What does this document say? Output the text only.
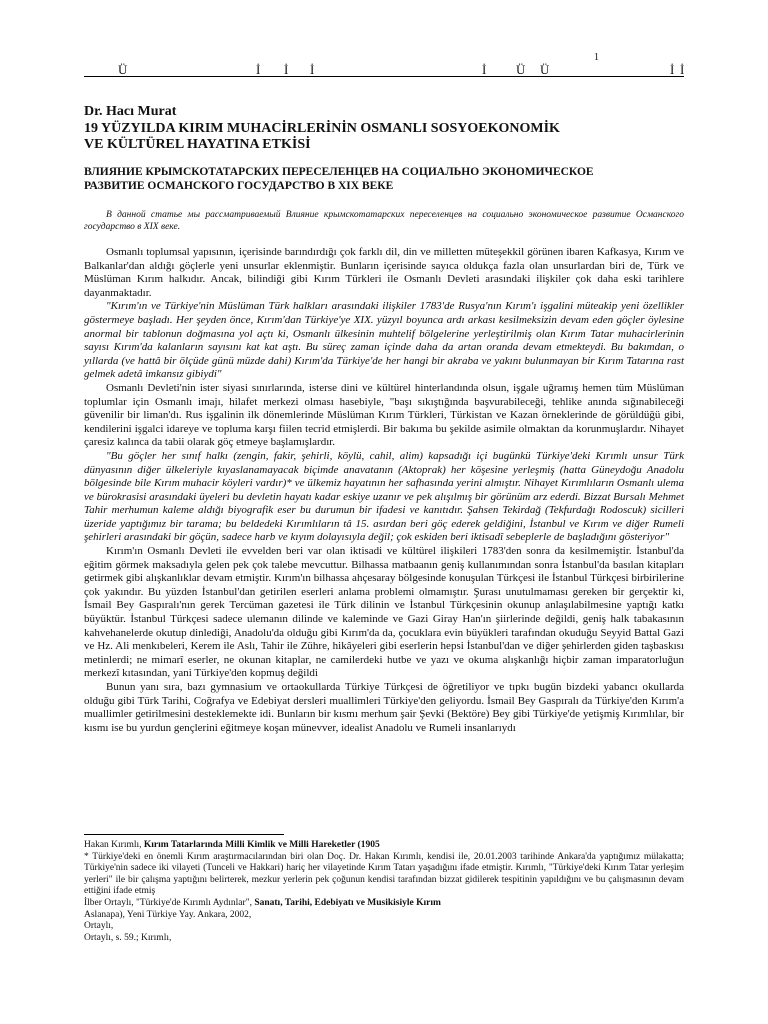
1
Ü	İ İ İ	İ Ü Ü	İ İ
Dr. Hacı Murat
19 YÜZYILDA KIRIM MUHACİRLERİNİN OSMANLI SOSYOEKONOMİK
VE KÜLTÜREL HAYATINA ETKİSİ
ВЛИЯНИЕ КРЫМСКОТАТАРСКИХ ПЕРЕСЕЛЕНЦЕВ НА СОЦИАЛЬНО ЭКОНОМИЧЕСКОЕ
РАЗВИТИЕ ОСМАНСКОГО ГОСУДАРСТВО В XIX ВЕКЕ
В данной статье мы рассматриваемый Влияние крымскотатарских переселенцев на социально экономическое развитие Османского государство в XIX веке.

Osmanlı toplumsal yapısının, içerisinde barındırdığı çok farklı dil, din ve milletten müteşekkil görünen ibaren Kafkasya, Kırım ve Balkanlar'dan aldığı göçlerle yeni unsurlar eklenmiştir. Bunların içerisinde sayıca oldukça fazla olan unsurlardan biri de, Türk ve Müslüman Kırım halkıdır. Ancak, bilindiği gibi Kırım Türkleri ile Osmanlı Devleti arasındaki ilişkiler çok daha eski tarihlere dayanmaktadır.

"Kırım'ın ve Türkiye'nin Müslüman Türk halkları arasındaki ilişkiler 1783'de Rusya'nın Kırım'ı işgalini müteakip yeni özellikler göstermeye başladı. Her şeyden önce, Kırım'dan Türkiye'ye XIX. yüzyıl boyunca ardı arkası kesilmeksizin devam eden göçler öylesine anormal bir tablonun doğmasına yol açtı ki, Osmanlı ülkesinin muhtelif bölgelerine yerleştirilmiş olan Kırım Tatar muhacirlerinin sayısı Kırım'da kalanların sayısını kat kat aştı. Bu süreç zaman içinde daha da artan oranda devam etmekteydi. Bu bakımdan, o yıllarda (ve hattâ bir ölçüde günü müzde dahi) Kırım'da Türkiye'de her hangi bir akraba ve yakını bulunmayan bir Kırım Tatarına rast gelmek adetâ imkansız gibiydi"

Osmanlı Devleti'nin ister siyasi sınırlarında, isterse dini ve kültürel hinterlandında olsun, işgale uğramış hemen tüm Müslüman toplumlar için Osmanlı imajı, hilafet merkezi olması hasebiyle, "başı sıkıştığında başvurabileceği, tehlike anında sığınabileceği güvenilir bir liman'dı. Rus işgalinin ilk dönemlerinde Müslüman Kırım Türkleri, Türkistan ve Kazan örneklerinde de görüldüğü gibi, kendilerini işgalci idareye ve topluma karşı fiilen tecrid etmişlerdi. Bir bakıma bu şekilde asimile olmaktan da korunmuşlardır. Nihayet çaresiz kalınca da tabii olarak göç etmeye başlamışlardır.

"Bu göçler her sınıf halkı (zengin, fakir, şehirli, köylü, cahil, alim) kapsadığı içi bugünkü Türkiye'deki Kırımlı unsur Türk dünyasının diğer ülkeleriyle kıyaslanamayacak biçimde anavatanın (Aktoprak) her köşesine yerleşmiş (hatta Güneydoğu Anadolu bölgesinde bile Kırım muhacir köyleri vardır)* ve ülkemiz hayatının her safhasında yerini almıştır. Nihayet Kırımlıların Osmanlı ulema ve bürokrasisi arasındaki üyeleri bu devletin hayatı kadar eskiye uzanır ve pek alışılmış bir görünüm arz ederdi. Bizzat Bursalı Mehmet Tahir merhumun kaleme aldığı biyografik eser bu durumun bir ifadesi ve kanıtıdır. Şahsen Tekirdağ (Tekfurdağı Rodoscuk) sicilleri üzeride yaptığımız bir tarama; bu beldedeki Kırımlıların tâ 15. asırdan beri göç ederek geldiğini, İstanbul ve Kırım ve diğer Rumeli şehirleri arasındaki bir göçün, sadece harb ve kıyım dolayısıyla değil; çok eskiden beri iktisadî sebeplerle de başladığını gösteriyor"

Kırım'ın Osmanlı Devleti ile evvelden beri var olan iktisadi ve kültürel ilişkileri 1783'den sonra da kesilmemiştir. İstanbul'da eğitim görmek maksadıyla gelen pek çok talebe mevcuttur. Bilhassa matbaanın geniş kullanımından sonra İstanbul'da basılan kitapları getirmek gibi alışkanlıklar devam etmiştir. Kırım'ın bilhassa ahçesaray bölgesinde konuşulan Türkçesi ile İstanbul Türkçesi birbirilerine çok yakındır. Bu yüzden İstanbul'dan getirilen eserleri anlama problemi olmamıştır. Şurası unutulmaması gereken bir gerçektir ki, İsmail Bey Gaspıralı'nın gerek Tercüman gazetesi ile Türk dilinin ve İstanbul Türkçesinin okunup anlaşılabilmesine yaptığı katkı büyüktür. İstanbul Türkçesi sadece ulemanın dilinde ve kaleminde ve Gazi Giray Han'ın şiirlerinde değildi, geniş halk tabakasının kahvehanelerde okutup dinlediği, Anadolu'da olduğu gibi Kırım'da da, çocuklara evin büyükleri tarafından okuduğu Seyyid Battal Gazi ve Hz. Ali menkıbeleri, Kerem ile Aslı, Tahir ile Zühre, hikâyeleri gibi eserlerin hepsi İstanbul'dan ve diğer şehirlerden giden taşbaskısı metinlerdi; ne mimarî eserler, ne okunan kitaplar, ne camilerdeki hutbe ve yazı ve okuma alışkanlığı hiçbir zaman imparatorluğun merkezî kıtasından, yani Türkiye'den kopmuş değildi

Bunun yanı sıra, bazı gymnasium ve ortaokullarda Türkiye Türkçesi de öğretiliyor ve tıpkı bugün bizdeki yabancı okullarda olduğu gibi Türk Tarihi, Coğrafya ve Edebiyat dersleri muallimleri Türkiye'den geliyordu. İsmail Bey Gaspıralı da Türkiye'den Kırım'a muallimler getirilmesini desteklemekte idi. Bunların bir kısmı merhum şair Şevki (Bektöre) Bey gibi Türkiye'de yetişmiş Kırımlılar, bir kısmı ise bu yurdun gençlerini eğitmeye koşan münevver, idealist Anadolu ve Rumeli insanlarıydı

Hakan Kırımlı, Kırım Tatarlarında Milli Kimlik ve Milli Hareketler (1905

* Türkiye'deki en önemli Kırım araştırmacılarından biri olan Doç. Dr. Hakan Kırımlı, kendisi ile, 20.01.2003 tarihinde Ankara'da yaptığımız mülakatta; Türkiye'nin sadece iki vilayeti (Tunceli ve Hakkari) hariç her vilayetinde Kırım Tatarı yaşadığını ifade etmiştir. Kırımlı, "Türkiye'deki Kırım Tatar yerleşim yerleri" ile bir çalışma yaptığını belirterek, mezkur yerlerin pek çoğunun kendisi tarafından bizzat gidilerek tespitinin yapıldığını ve bu çalışmasının devam ettiğini ifade etmiş

İlber Ortaylı, "Türkiye'de Kırımlı Aydınlar", Sanatı, Tarihi, Edebiyatı ve Musikisiyle Kırım

Aslanapa), Yeni Türkiye Yay. Ankara, 2002,

Ortaylı,

Ortaylı, s. 59.; Kırımlı,
